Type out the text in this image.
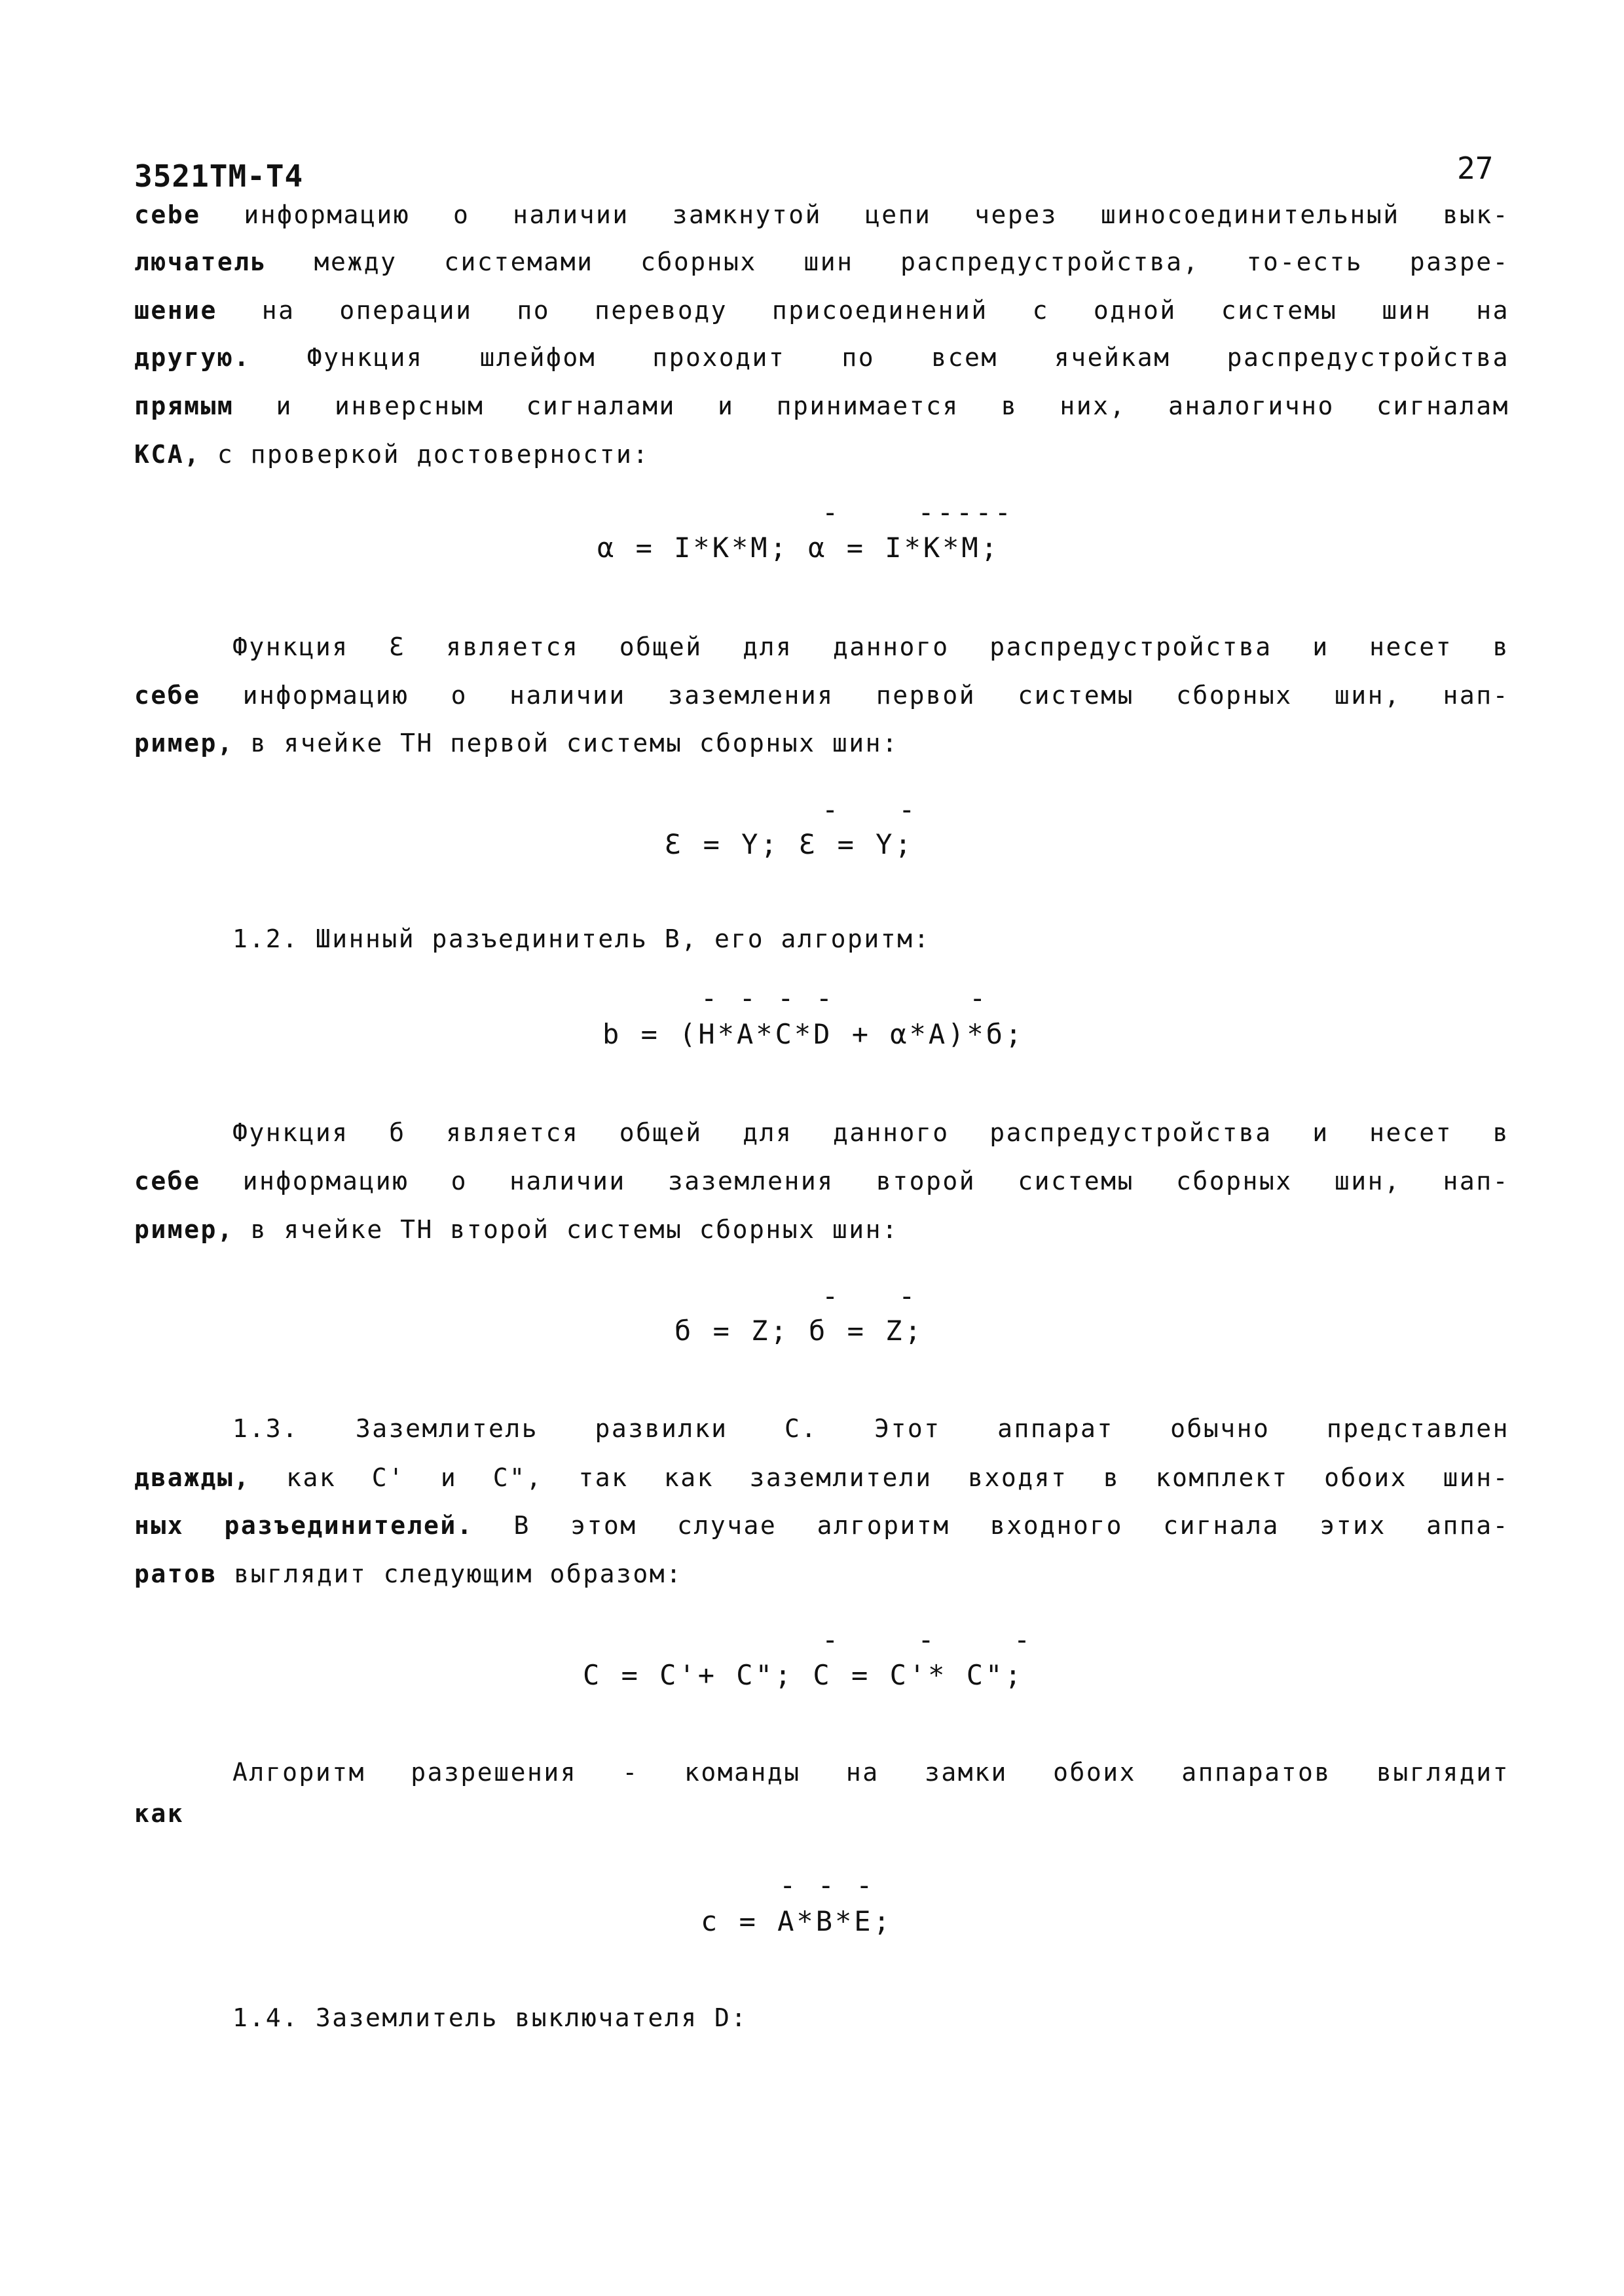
3521TM-T4	27
сеbе информацию о наличии замкнутой цепи через шиносоединительный вык-
лючатель между системами сборных шин распредустройства, то-есть разре-
шение на операции по переводу присоединений с одной системы шин на
другую. Функция шлейфом проходит по всем ячейкам распредустройства
прямым и инверсным сигналами и принимается в них, аналогично сигналам
КСА, с проверкой достоверности:
-    -----
α = I*K*M; α = I*K*M;
Функция Ɛ является общей для данного распредустройства и несет в
себе информацию о наличии заземления первой системы сборных шин, нап-
ример, в ячейке ТН первой системы сборных шин:
-   -
Ɛ = Y; Ɛ = Y;
1.2. Шинный разъединитель В, его алгоритм:
- - - -       -
b = (H*A*C*D + α*A)*б;
Функция б является общей для данного распредустройства и несет в
себе информацию о наличии заземления второй системы сборных шин, нап-
ример, в ячейке ТН второй системы сборных шин:
-   -
б = Z; б = Z;
1.3. Заземлитель развилки С. Этот аппарат обычно представлен
дважды, как С' и С", так как заземлители входят в комплект обоих шин-
ных разъединителей. В этом случае алгоритм входного сигнала этих аппа-
ратов выглядит следующим образом:
-    -    -
C = C'+ C"; C = C'* C";
Алгоритм разрешения - команды на замки обоих аппаратов выглядит
как
- - -
c = A*B*E;
1.4. Заземлитель выключателя D:
